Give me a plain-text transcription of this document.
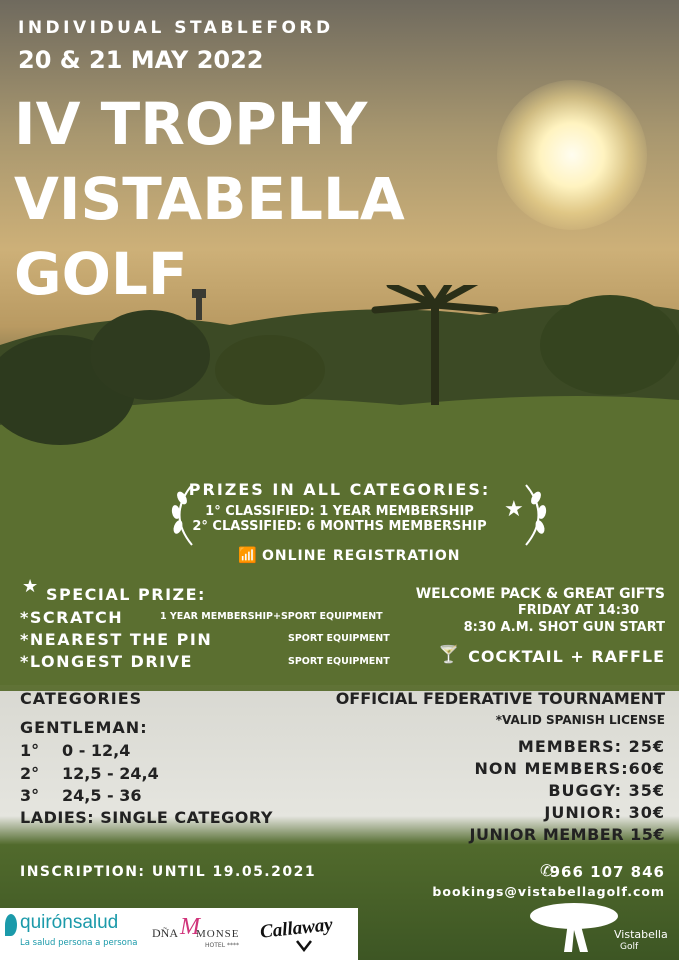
INDIVIDUAL STABLEFORD
20 & 21 MAY 2022
IV TROPHY
VISTABELLA
GOLF
★
PRIZES IN ALL CATEGORIES:
1° CLASSIFIED: 1 YEAR MEMBERSHIP
2° CLASSIFIED: 6 MONTHS MEMBERSHIP
📶 ONLINE REGISTRATION
★ SPECIAL PRIZE:
*SCRATCH	1 YEAR MEMBERSHIP+SPORT EQUIPMENT
*NEAREST THE PIN	SPORT EQUIPMENT
*LONGEST DRIVE	SPORT EQUIPMENT
WELCOME PACK & GREAT GIFTS
FRIDAY AT 14:30
8:30 A.M. SHOT GUN START
🍸 COCKTAIL + RAFFLE
CATEGORIES
GENTLEMAN:
1° 0 - 12,4
2° 12,5 - 24,4
3° 24,5 - 36
LADIES: SINGLE CATEGORY
OFFICIAL FEDERATIVE TOURNAMENT
*VALID SPANISH LICENSE
MEMBERS: 25€
NON MEMBERS:60€
BUGGY: 35€
JUNIOR: 30€
JUNIOR MEMBER 15€
INSCRIPTION: UNTIL 19.05.2021	✆
966 107 846
bookings@vistabellagolf.com
quirónsalud
La salud persona a persona
DÑA M
MONSE
HOTEL ****
Callaway	Vistabella
Golf
